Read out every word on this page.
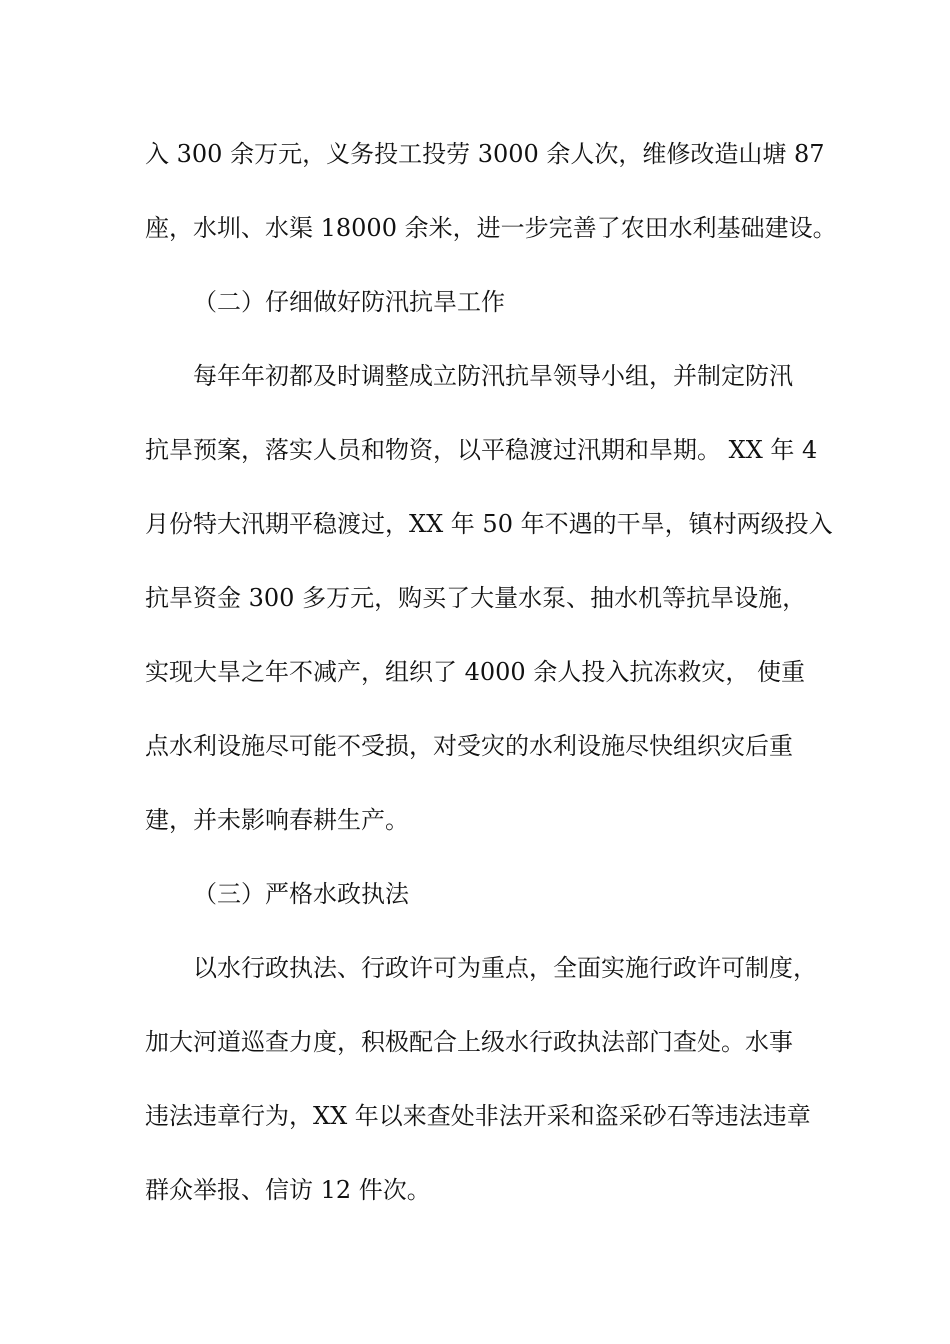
入 300 余万元，义务投工投劳 3000 余人次，维修改造山塘 87
座，水圳、水渠 18000 余米，进一步完善了农田水利基础建设。
（二）仔细做好防汛抗旱工作
每年年初都及时调整成立防汛抗旱领导小组，并制定防汛
抗旱预案，落实人员和物资，以平稳渡过汛期和旱期。 XX 年 4
月份特大汛期平稳渡过，XX 年 50 年不遇的干旱，镇村两级投入
抗旱资金 300 多万元，购买了大量水泵、抽水机等抗旱设施，
实现大旱之年不减产，组织了 4000 余人投入抗冻救灾， 使重
点水利设施尽可能不受损，对受灾的水利设施尽快组织灾后重
建，并未影响春耕生产。
（三）严格水政执法
以水行政执法、行政许可为重点，全面实施行政许可制度，
加大河道巡查力度，积极配合上级水行政执法部门查处。水事
违法违章行为，XX 年以来查处非法开采和盗采砂石等违法违章
群众举报、信访 12 件次。
